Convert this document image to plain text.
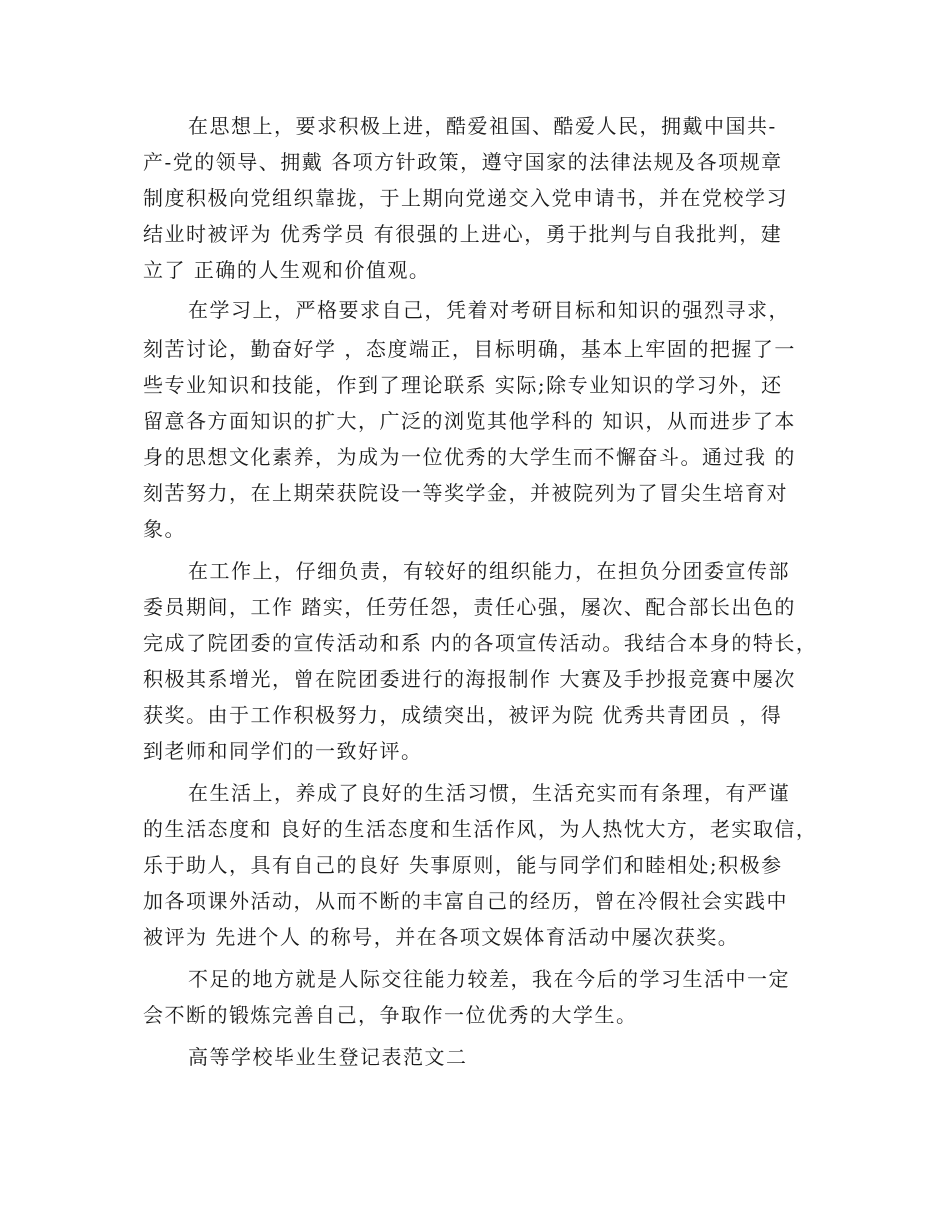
在思想上，要求积极上进，酷爱祖国、酷爱人民，拥戴中国共-
产-党的领导、拥戴 各项方针政策，遵守国家的法律法规及各项规章
制度积极向党组织靠拢，于上期向党递交入党申请书，并在党校学习
结业时被评为 优秀学员 有很强的上进心，勇于批判与自我批判，建
立了 正确的人生观和价值观。
在学习上，严格要求自己，凭着对考研目标和知识的强烈寻求，
刻苦讨论，勤奋好学 ，态度端正，目标明确，基本上牢固的把握了一
些专业知识和技能，作到了理论联系 实际;除专业知识的学习外，还
留意各方面知识的扩大，广泛的浏览其他学科的 知识，从而进步了本
身的思想文化素养，为成为一位优秀的大学生而不懈奋斗。通过我 的
刻苦努力，在上期荣获院设一等奖学金，并被院列为了冒尖生培育对
象。
在工作上，仔细负责，有较好的组织能力，在担负分团委宣传部
委员期间，工作 踏实，任劳任怨，责任心强，屡次、配合部长出色的
完成了院团委的宣传活动和系 内的各项宣传活动。我结合本身的特长，
积极其系增光，曾在院团委进行的海报制作 大赛及手抄报竞赛中屡次
获奖。由于工作积极努力，成绩突出，被评为院 优秀共青团员 ，得
到老师和同学们的一致好评。
在生活上，养成了良好的生活习惯，生活充实而有条理，有严谨
的生活态度和 良好的生活态度和生活作风，为人热忱大方，老实取信，
乐于助人，具有自己的良好 失事原则，能与同学们和睦相处;积极参
加各项课外活动，从而不断的丰富自己的经历，曾在冷假社会实践中
被评为 先进个人 的称号，并在各项文娱体育活动中屡次获奖。
不足的地方就是人际交往能力较差，我在今后的学习生活中一定
会不断的锻炼完善自己，争取作一位优秀的大学生。
高等学校毕业生登记表范文二
